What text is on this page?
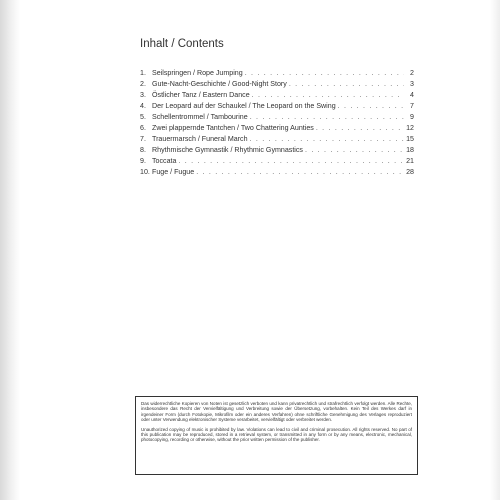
Inhalt / Contents
1. Seilspringen / Rope Jumping . . .	2
2. Gute-Nacht-Geschichte / Good-Night Story . . .	3
3. Östlicher Tanz / Eastern Dance . . .	4
4. Der Leopard auf der Schaukel / The Leopard on the Swing . . .	7
5. Schellentrommel / Tambourine . . .	9
6. Zwei plappernde Tantchen / Two Chattering Aunties . . .	12
7. Trauermarsch / Funeral March . . .	15
8. Rhythmische Gymnastik / Rhythmic Gymnastics . . .	18
9. Toccata . . .	21
10. Fuge / Fugue . . .	28

Das widerrechtliche Kopieren von Noten ist gesetzlich verboten und kann privatrechtlich und strafrechtlich verfolgt werden. Alle Rechte, insbesondere das Recht der Vervielfältigung und Verbreitung sowie der Übersetzung, vorbehalten. Kein Teil des Werkes darf in irgendeiner Form (durch Fotokopie, Mikrofilm oder ein anderes Verfahren) ohne schriftliche Genehmigung des Verlages reproduziert oder unter Verwendung elektronischer Systeme verarbeitet, vervielfältigt oder verbreitet werden.

Unauthorized copying of music is prohibited by law. Violations can lead to civil and criminal prosecution. All rights reserved. No part of this publication may be reproduced, stored in a retrieval system, or transmitted in any form or by any means, electronic, mechanical, photocopying, recording or otherwise, without the prior written permission of the publisher.
